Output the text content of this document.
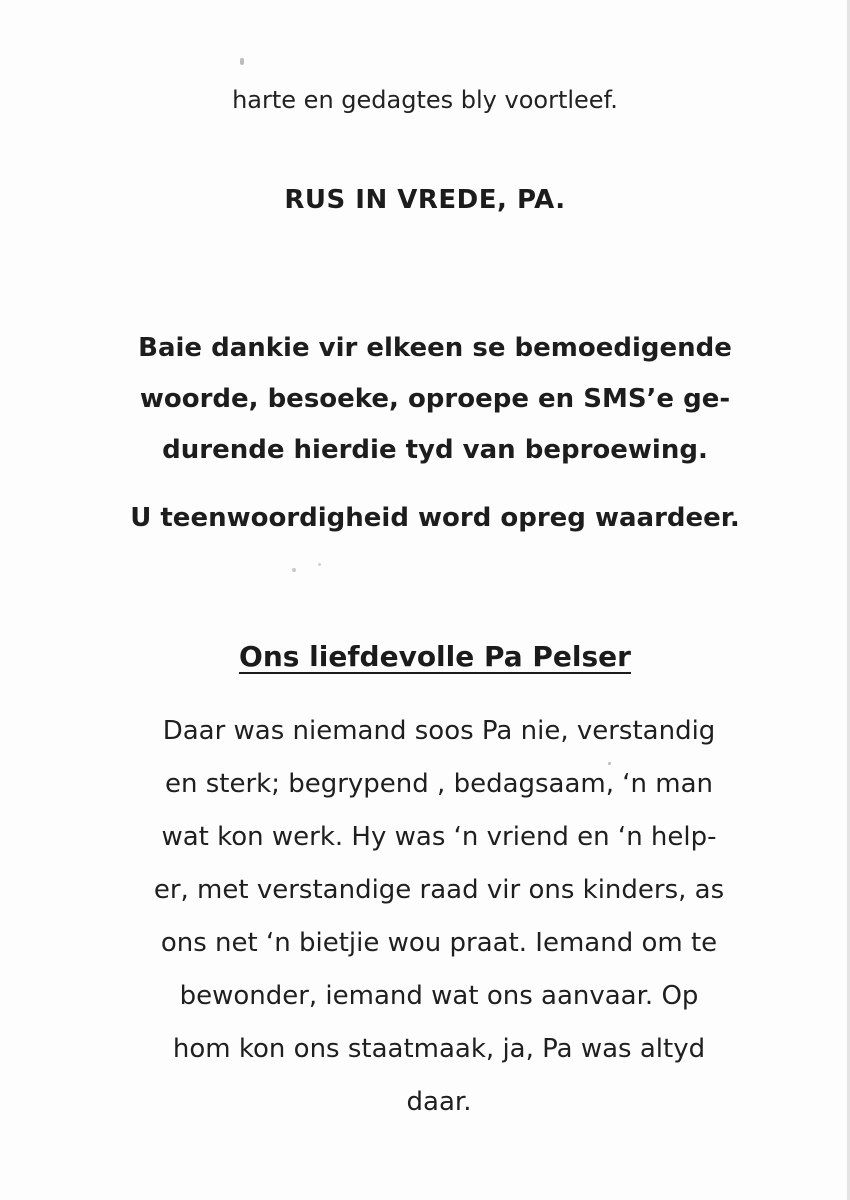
harte en gedagtes bly voortleef.

RUS IN VREDE, PA.

Baie dankie vir elkeen se bemoedigende

woorde, besoeke, oproepe en SMS’e ge-

durende hierdie tyd van beproewing.

U teenwoordigheid word opreg waardeer.

Ons liefdevolle Pa Pelser

Daar was niemand soos Pa nie, verstandig

en sterk; begrypend , bedagsaam, ‘n man

wat kon werk. Hy was ‘n vriend en ‘n help-

er, met verstandige raad vir ons kinders, as

ons net ‘n bietjie wou praat. Iemand om te

bewonder, iemand wat ons aanvaar. Op

hom kon ons staatmaak, ja, Pa was altyd

daar.
